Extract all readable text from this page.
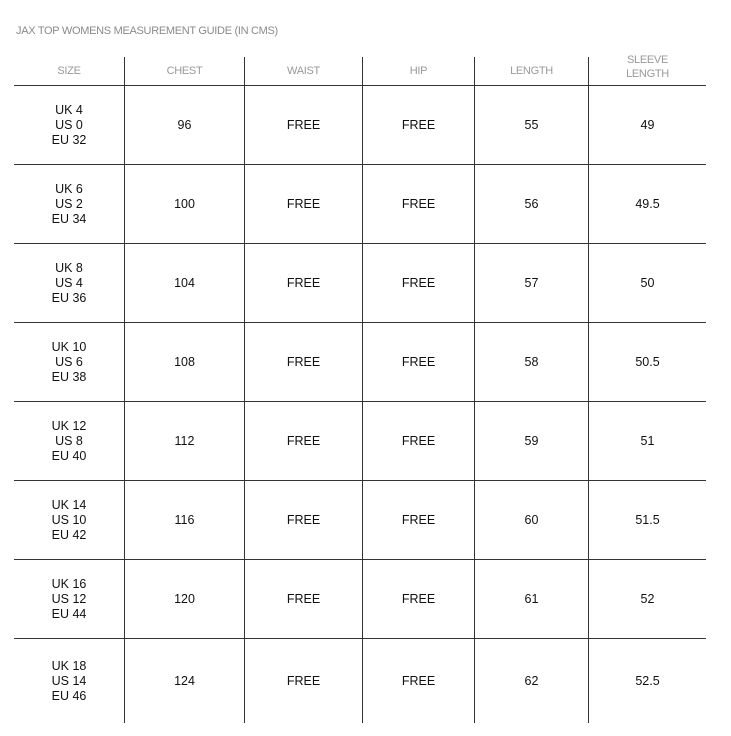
JAX TOP WOMENS MEASUREMENT GUIDE (IN CMS)
SIZE	CHEST	WAIST	HIP	LENGTH
SLEEVE
LENGTH
UK 4
US 0
EU 32
96	FREE	FREE	55	49
UK 6
US 2
EU 34
100	FREE	FREE	56	49.5
UK 8
US 4
EU 36
104	FREE	FREE	57	50
UK 10
US 6
EU 38
108	FREE	FREE	58	50.5
UK 12
US 8
EU 40
112	FREE	FREE	59	51
UK 14
US 10
EU 42
116	FREE	FREE	60	51.5
UK 16
US 12
EU 44
120	FREE	FREE	61	52
UK 18
US 14
EU 46
124	FREE	FREE	62	52.5
